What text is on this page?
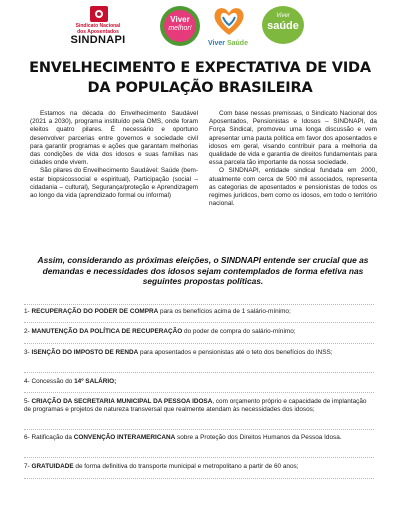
Sindicato Nacional
dos Aposentados
SINDNAPI
Viver
melhor!
Viver Saúde
Viver
saúde
ENVELHECIMENTO E EXPECTATIVA DE VIDA
DA POPULAÇÃO BRASILEIRA

Estamos na década do Envelhecimento Saudável (2021 a 2030), programa instituído pela OMS, onde foram eleitos quatro pilares. É necessário e oportuno desenvolver parcerias entre governos e sociedade civil para garantir programas e ações que garantam melhorias das condições de vida dos idosos e suas famílias nas cidades onde vivem.

São pilares do Envelhecimento Saudável: Saúde (bem-estar biopsicossocial e espiritual), Participação (social – cidadania – cultural), Segurança/proteção e Aprendizagem ao longo da vida (aprendizado formal ou informal)

Com base nessas premissas, o Sindicato Nacional dos Aposentados, Pensionistas e Idosos – SINDNAPI, da Força Sindical, promoveu uma longa discussão e vem apresentar uma pauta política em favor dos aposentados e idosos em geral, visando contribuir para a melhoria da qualidade de vida e garantia de direitos fundamentais para essa parcela tão importante da nossa sociedade.

O SINDNAPI, entidade sindical fundada em 2000, atualmente com cerca de 500 mil associados, representa as categorias de aposentados e pensionistas de todos os regimes jurídicos, bem como os idosos, em todo o território nacional.

Assim, considerando as próximas eleições, o SINDNAPI entende ser crucial que as demandas e necessidades dos idosos sejam contemplados de forma efetiva nas seguintes propostas políticas.
1- RECUPERAÇÃO DO PODER DE COMPRA para os benefícios acima de 1 salário-mínimo;
2- MANUTENÇÃO DA POLÍTICA DE RECUPERAÇÃO do poder de compra do salário-mínimo;
3- ISENÇÃO DO IMPOSTO DE RENDA para aposentados e pensionistas até o teto dos benefícios do INSS;
4- Concessão do 14º SALÁRIO;
5- CRIAÇÃO DA SECRETARIA MUNICIPAL DA PESSOA IDOSA, com orçamento próprio e capacidade de implantação de programas e projetos de natureza transversal que realmente atendam às necessidades dos idosos;
6- Ratificação da CONVENÇÃO INTERAMERICANA sobre a Proteção dos Direitos Humanos da Pessoa Idosa.
7- GRATUIDADE de forma definitiva do transporte municipal e metropolitano a partir de 60 anos;
